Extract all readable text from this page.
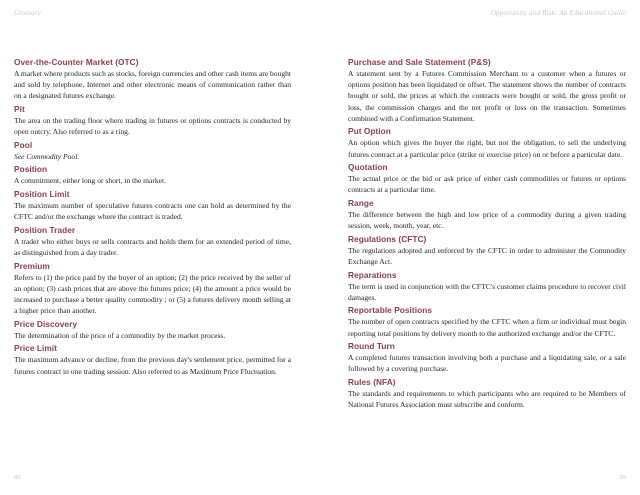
Glossary	Opportunity and Risk: An Educational Guide
Over-the-Counter Market (OTC)
A market where products such as stocks, foreign currencies and other cash items are bought and sold by telephone, Internet and other electronic means of communication rather than on a designated futures exchange.
Pit
The area on the trading floor where trading in futures or options contracts is conducted by open outcry. Also referred to as a ring.
Pool
See Commodity Pool.
Position
A commitment, either long or short, in the market.
Position Limit
The maximum number of speculative futures contracts one can hold as determined by the CFTC and/or the exchange where the contract is traded.
Position Trader
A trader who either buys or sells contracts and holds them for an extended period of time, as distinguished from a day trader.
Premium
Refers to (1) the price paid by the buyer of an option; (2) the price received by the seller of an option; (3) cash prices that are above the futures price; (4) the amount a price would be increased to purchase a better quality commodity ; or (5) a futures delivery month selling at a higher price than another.
Price Discovery
The determination of the price of a commodity by the market process.
Price Limit
The maximum advance or decline, from the previous day's settlement price, permitted for a futures contract in one trading session. Also referred to as Maximum Price Fluctuation.
Purchase and Sale Statement (P&S)
A statement sent by a Futures Commission Merchant to a customer when a futures or options position has been liquidated or offset. The statement shows the number of contracts bought or sold, the prices at which the contracts were bought or sold, the gross profit or loss, the commission charges and the net profit or loss on the transaction. Sometimes combined with a Confirmation Statement.
Put Option
An option which gives the buyer the right, but not the obligation, to sell the underlying futures contract at a particular price (strike or exercise price) on or before a particular date.
Quotation
The actual price or the bid or ask price of either cash commodities or futures or options contracts at a particular time.
Range
The difference between the high and low price of a commodity during a given trading session, week, month, year, etc.
Regulations (CFTC)
The regulations adopted and enforced by the CFTC in order to administer the Commodity Exchange Act.
Reparations
The term is used in conjunction with the CFTC's customer claims procedure to recover civil damages.
Reportable Positions
The number of open contracts specified by the CFTC when a firm or individual must begin reporting total positions by delivery month to the authorized exchange and/or the CFTC.
Round Turn
A completed futures transaction involving both a purchase and a liquidating sale, or a sale followed by a covering purchase.
Rules (NFA)
The standards and requirements to which participants who are required to be Members of National Futures Association must subscribe and conform.
88	89
